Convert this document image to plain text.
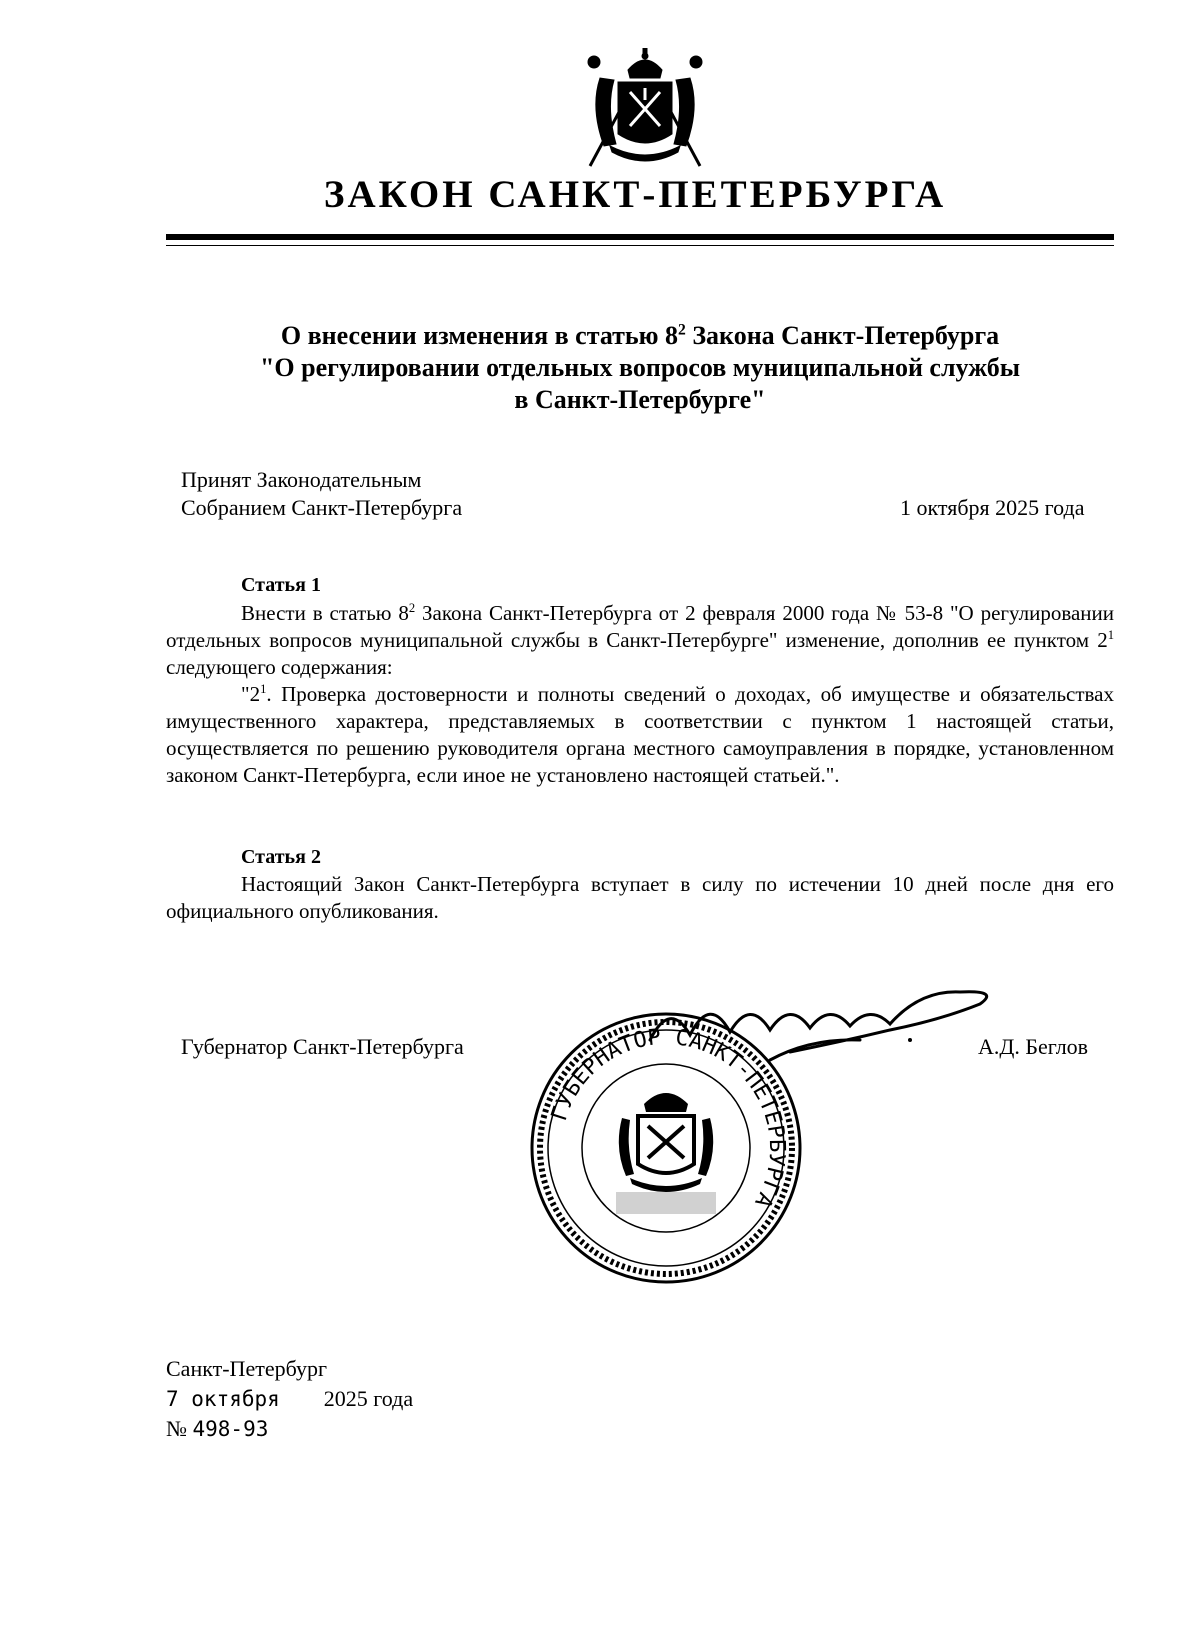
ЗАКОН САНКТ-ПЕТЕРБУРГА

О внесении изменения в статью $8^2$ Закона Санкт-Петербурга
"О регулировании отдельных вопросов муниципальной службы
в Санкт-Петербурге"
Принят Законодательным
Собранием Санкт-Петербурга	1 октября 2025 года
Статья 1

Внести в статью $8^2$ Закона Санкт-Петербурга от 2 февраля 2000 года № 53-8 "О регулировании отдельных вопросов муниципальной службы в Санкт-Петербурге" изменение, дополнив ее пунктом $2^1$ следующего содержания:

"$2^1$. Проверка достоверности и полноты сведений о доходах, об имуществе и обязательствах имущественного характера, представляемых в соответствии с пунктом 1 настоящей статьи, осуществляется по решению руководителя органа местного самоуправления в порядке, установленном законом Санкт-Петербурга, если иное не установлено настоящей статьей.".

Статья 2

Настоящий Закон Санкт-Петербурга вступает в силу по истечении 10 дней после дня его официального опубликования.

Губернатор Санкт-Петербурга	А.Д. Беглов
ГУБЕРНАТОР САНКТ-ПЕТЕРБУРГА
Санкт-Петербург
7 октября 2025 года
№ 498-93
